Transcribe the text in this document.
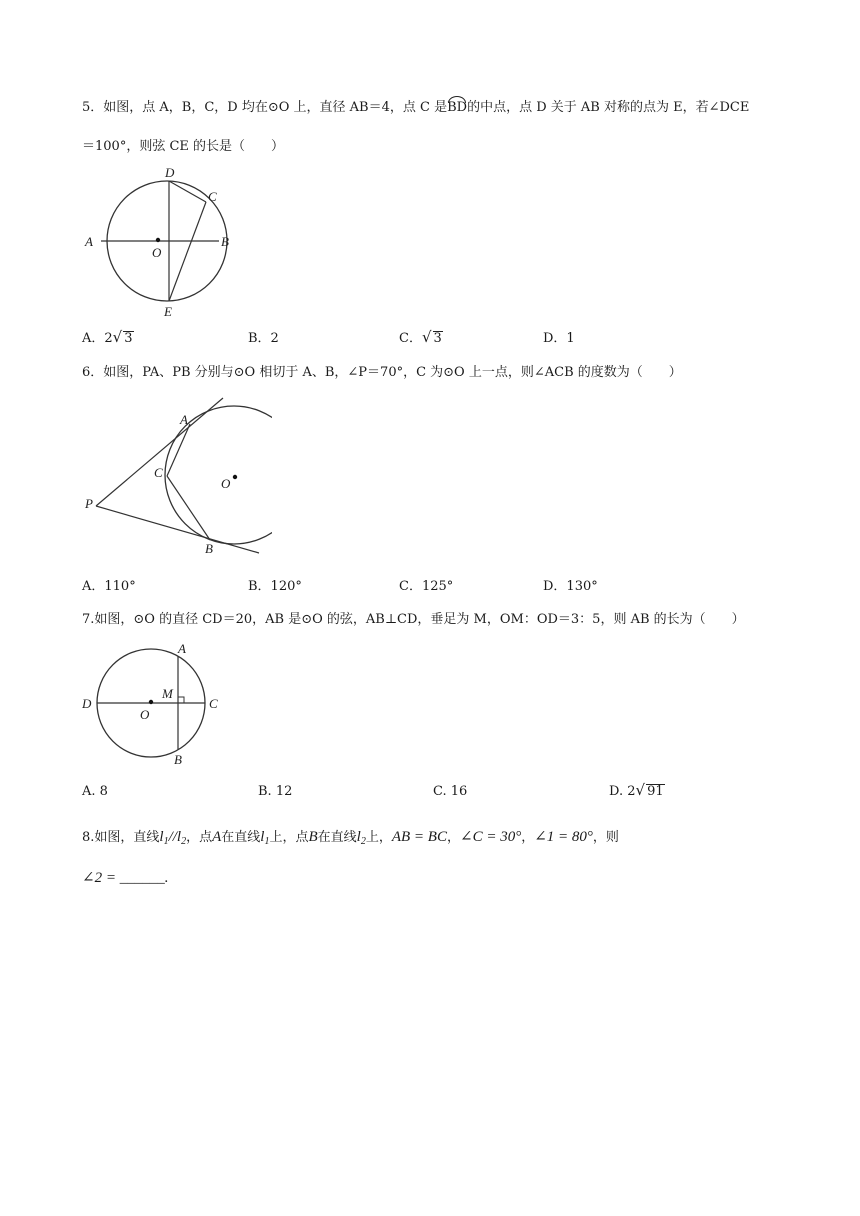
5．如图，点 A，B，C，D 均在⊙O 上，直径 AB＝4，点 C 是BD的中点，点 D 关于 AB 对称的点为 E，若∠DCE
＝100°，则弦 CE 的长是（　　）
A	B
C
D
E
O
A．2√ 3	B．2	C．√ 3	D．1
6．如图，PA、PB 分别与⊙O 相切于 A、B，∠P＝70°，C 为⊙O 上一点，则∠ACB 的度数为（　　）
A
B
C
O
P
A．110°	B．120°	C．125°	D．130°
7.如图，⊙O 的直径 CD＝20，AB 是⊙O 的弦，AB⊥CD，垂足为 M，OM：OD＝3：5，则 AB 的长为（　　）
A
B
C
D
M
O
A. 8	B. 12	C. 16	D. 2√ 91
8.如图，直线$l_1//l_2$，点A在直线$l_1$上，点B在直线$l_2$上，AB = BC，∠C = 30°，∠1 = 80°，则
∠2 = ______.
